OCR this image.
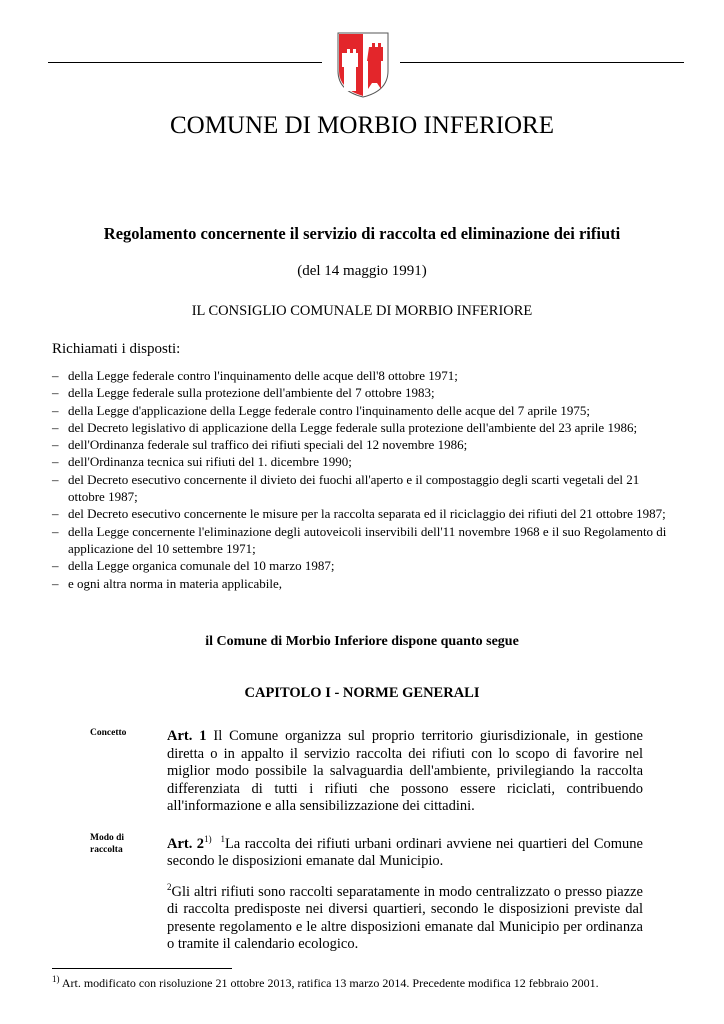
COMUNE DI MORBIO INFERIORE
Regolamento concernente il servizio di raccolta ed eliminazione dei rifiuti
(del 14 maggio 1991)
IL CONSIGLIO COMUNALE DI MORBIO INFERIORE
Richiamati i disposti:
– della Legge federale contro l'inquinamento delle acque dell'8 ottobre 1971;
– della Legge federale sulla protezione dell'ambiente del 7 ottobre 1983;
– della Legge d'applicazione della Legge federale contro l'inquinamento delle acque del 7 aprile 1975;
– del Decreto legislativo di applicazione della Legge federale sulla protezione dell'ambiente del 23 aprile 1986;
– dell'Ordinanza federale sul traffico dei rifiuti speciali del 12 novembre 1986;
– dell'Ordinanza tecnica sui rifiuti del 1. dicembre 1990;
– del Decreto esecutivo concernente il divieto dei fuochi all'aperto e il compostaggio degli scarti vegetali del 21 ottobre 1987;
– del Decreto esecutivo concernente le misure per la raccolta separata ed il riciclaggio dei rifiuti del 21 ottobre 1987;
– della Legge concernente l'eliminazione degli autoveicoli inservibili dell'11 novembre 1968 e il suo Regolamento di applicazione del 10 settembre 1971;
– della Legge organica comunale del 10 marzo 1987;
– e ogni altra norma in materia applicabile,
il Comune di Morbio Inferiore dispone quanto segue
CAPITOLO I - NORME GENERALI
Concetto	Art. 1 Il Comune organizza sul proprio territorio giurisdizionale, in gestione diretta o in appalto il servizio raccolta dei rifiuti con lo scopo di favorire nel miglior modo possibile la salvaguardia dell'ambiente, privilegiando la raccolta differenziata di tutti i rifiuti che possono essere riciclati, contribuendo all'informazione e alla sensibilizzazione dei cittadini.

Modo di
raccolta	Art. 2$^{1)}$ $^1$La raccolta dei rifiuti urbani ordinari avviene nei quartieri del Comune secondo le disposizioni emanate dal Municipio.

$^2$Gli altri rifiuti sono raccolti separatamente in modo centralizzato o presso piazze di raccolta predisposte nei diversi quartieri, secondo le disposizioni previste dal presente regolamento e le altre disposizioni emanate dal Municipio per ordinanza o tramite il calendario ecologico.

$^{1)}$ Art. modificato con risoluzione 21 ottobre 2013, ratifica 13 marzo 2014. Precedente modifica 12 febbraio 2001.
